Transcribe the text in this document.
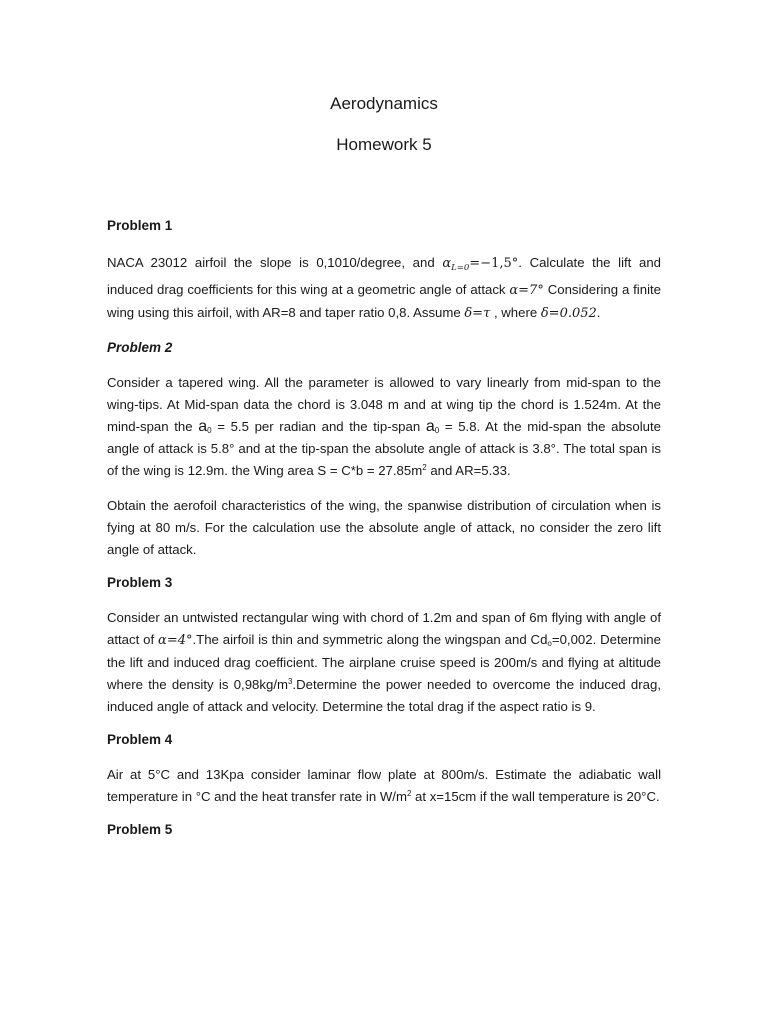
Aerodynamics
Homework 5

Problem 1

NACA 23012 airfoil the slope is 0,1010/degree, and $\alpha_{L=0}=-1,5^\circ$. Calculate the lift and induced drag coefficients for this wing at a geometric angle of attack α=7° Considering a finite wing using this airfoil, with AR=8 and taper ratio 0,8. Assume δ=τ , where δ=0.052.

Problem 2

Consider a tapered wing. All the parameter is allowed to vary linearly from mid-span to the wing-tips. At Mid-span data the chord is 3.048 m and at wing tip the chord is 1.524m. At the mind-span the $a_0 = 5.5$ per radian and the tip-span $a_0 = 5.8$. At the mid-span the absolute angle of attack is 5.8° and at the tip-span the absolute angle of attack is 3.8°. The total span is of the wing is 12.9m. the Wing area $S = C*b = 27.85m^2$ and AR=5.33.

Obtain the aerofoil characteristics of the wing, the spanwise distribution of circulation when is fying at 80 m/s. For the calculation use the absolute angle of attack, no consider the zero lift angle of attack.

Problem 3

Consider an untwisted rectangular wing with chord of 1.2m and span of 6m flying with angle of attact of α=4°.The airfoil is thin and symmetric along the wingspan and $Cd_o=0,002$. Determine the lift and induced drag coefficient. The airplane cruise speed is 200m/s and flying at altitude where the density is $0,98kg/m^3.Determine$ the power needed to overcome the induced drag, induced angle of attack and velocity. Determine the total drag if the aspect ratio is 9.

Problem 4

Air at 5°C and 13Kpa consider laminar flow plate at 800m/s. Estimate the adiabatic wall temperature in °C and the heat transfer rate in $W/m^2$ at x=15cm if the wall temperature is 20°C.

Problem 5
